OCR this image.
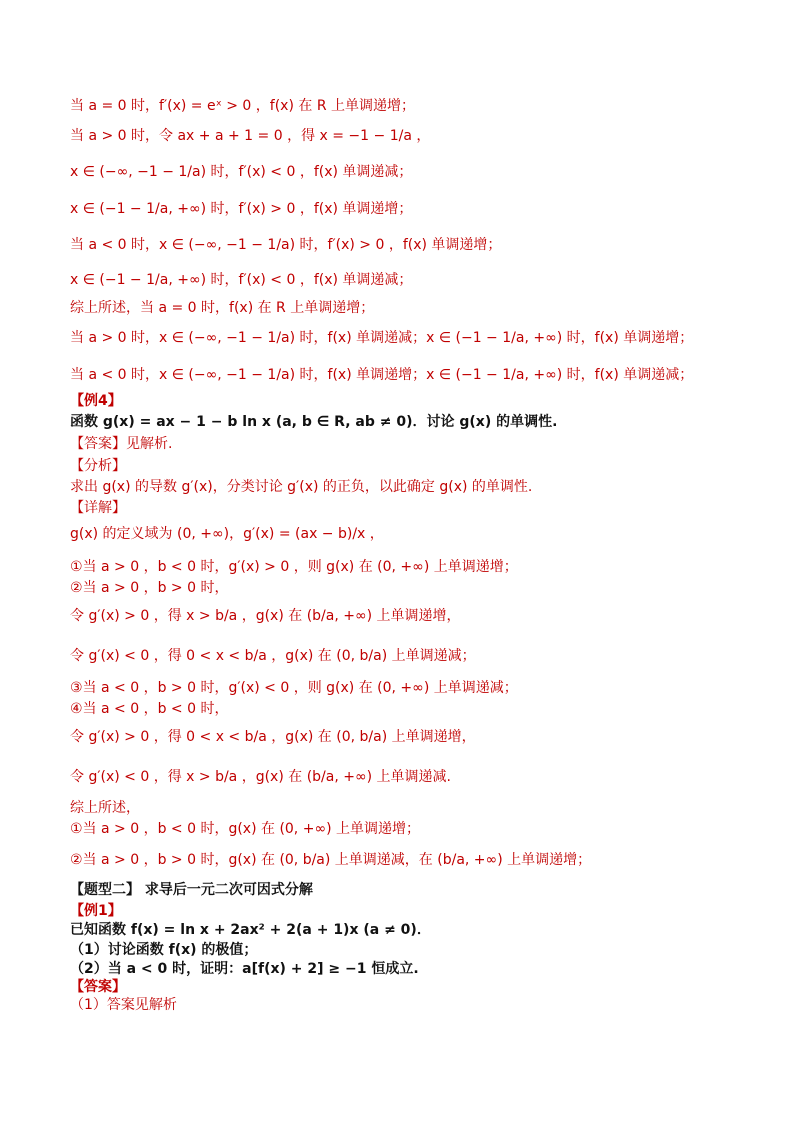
当 a = 0 时，f′(x) = eˣ > 0 ，f(x) 在 R 上单调递增；
当 a > 0 时，令 ax + a + 1 = 0 ，得 x = −1 − 1/a ，
x ∈ (−∞, −1 − 1/a) 时，f′(x) < 0 ，f(x) 单调递减；
x ∈ (−1 − 1/a, +∞) 时，f′(x) > 0 ，f(x) 单调递增；
当 a < 0 时，x ∈ (−∞, −1 − 1/a) 时，f′(x) > 0 ，f(x) 单调递增；
x ∈ (−1 − 1/a, +∞) 时，f′(x) < 0 ，f(x) 单调递减；
综上所述，当 a = 0 时，f(x) 在 R 上单调递增；
当 a > 0 时，x ∈ (−∞, −1 − 1/a) 时，f(x) 单调递减；x ∈ (−1 − 1/a, +∞) 时，f(x) 单调递增；
当 a < 0 时，x ∈ (−∞, −1 − 1/a) 时，f(x) 单调递增；x ∈ (−1 − 1/a, +∞) 时，f(x) 单调递减；
【例4】
函数 g(x) = ax − 1 − b ln x (a, b ∈ R, ab ≠ 0)．讨论 g(x) 的单调性.
【答案】见解析.
【分析】
求出 g(x) 的导数 g′(x)，分类讨论 g′(x) 的正负，以此确定 g(x) 的单调性.
【详解】
g(x) 的定义域为 (0, +∞)，g′(x) = (ax − b)/x ，
①当 a > 0 ，b < 0 时，g′(x) > 0 ，则 g(x) 在 (0, +∞) 上单调递增；
②当 a > 0 ，b > 0 时，
令 g′(x) > 0 ，得 x > b/a ，g(x) 在 (b/a, +∞) 上单调递增，
令 g′(x) < 0 ，得 0 < x < b/a ，g(x) 在 (0, b/a) 上单调递减；
③当 a < 0 ，b > 0 时，g′(x) < 0 ，则 g(x) 在 (0, +∞) 上单调递减；
④当 a < 0 ，b < 0 时，
令 g′(x) > 0 ，得 0 < x < b/a ，g(x) 在 (0, b/a) 上单调递增，
令 g′(x) < 0 ，得 x > b/a ，g(x) 在 (b/a, +∞) 上单调递减.
综上所述，
①当 a > 0 ，b < 0 时，g(x) 在 (0, +∞) 上单调递增；
②当 a > 0 ，b > 0 时，g(x) 在 (0, b/a) 上单调递减，在 (b/a, +∞) 上单调递增；
【题型二】 求导后一元二次可因式分解
【例1】
已知函数 f(x) = ln x + 2ax² + 2(a + 1)x (a ≠ 0)．
（1）讨论函数 f(x) 的极值；
（2）当 a < 0 时，证明：a[f(x) + 2] ≥ −1 恒成立.
【答案】
（1）答案见解析
